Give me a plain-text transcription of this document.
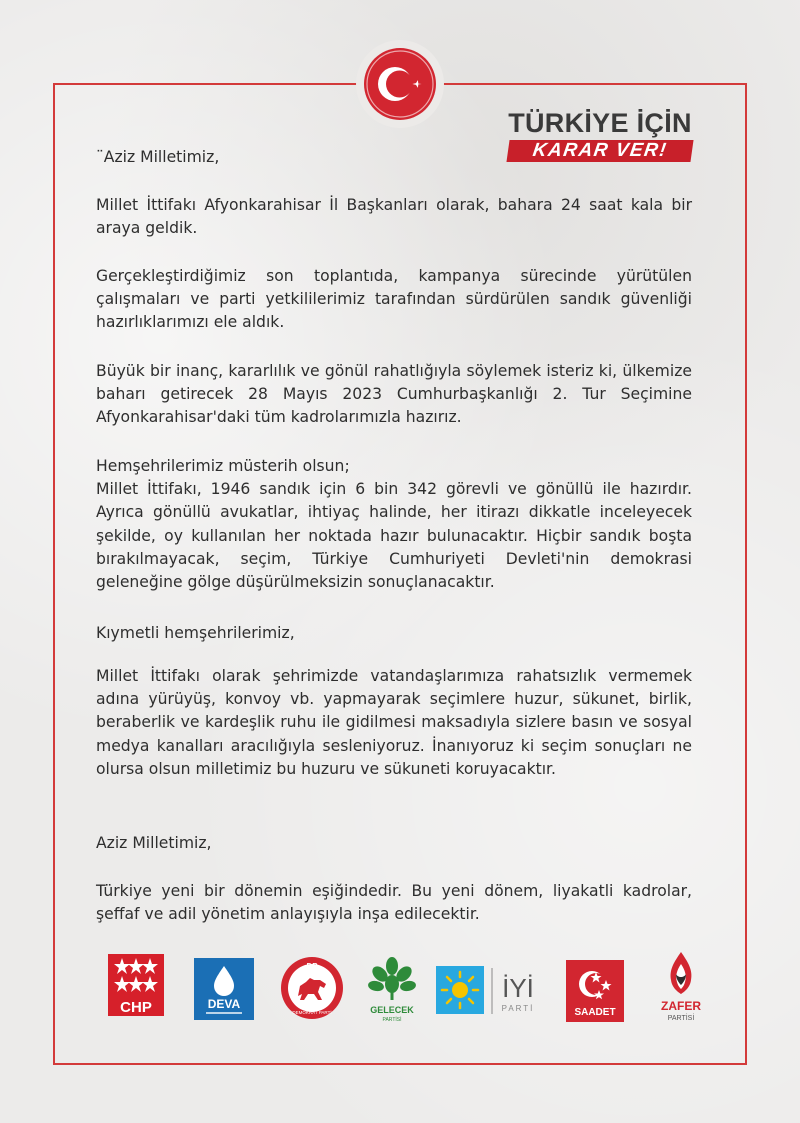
TÜRKİYE İÇİN
KARAR VER!
¨Aziz Milletimiz,
Millet İttifakı Afyonkarahisar İl Başkanları olarak, bahara 24 saat kala bir araya geldik.
Gerçekleştirdiğimiz son toplantıda, kampanya sürecinde yürütülen çalışmaları ve parti yetkililerimiz tarafından sürdürülen sandık güvenliği hazırlıklarımızı ele aldık.
Büyük bir inanç, kararlılık ve gönül rahatlığıyla söylemek isteriz ki, ülkemize baharı getirecek 28 Mayıs 2023 Cumhurbaşkanlığı 2. Tur Seçimine Afyonkarahisar'daki tüm kadrolarımızla hazırız.

Hemşehrilerimiz müsterih olsun;

Millet İttifakı, 1946 sandık için 6 bin 342 görevli ve gönüllü ile hazırdır. Ayrıca gönüllü avukatlar, ihtiyaç halinde, her itirazı dikkatle inceleyecek şekilde, oy kullanılan her noktada hazır bulunacaktır. Hiçbir sandık boşta bırakılmayacak, seçim, Türkiye Cumhuriyeti Devleti'nin demokrasi geleneğine gölge düşürülmeksizin sonuçlanacaktır.

Kıymetli hemşehrilerimiz,
Millet İttifakı olarak şehrimizde vatandaşlarımıza rahatsızlık vermemek adına yürüyüş, konvoy vb. yapmayarak seçimlere huzur, sükunet, birlik, beraberlik ve kardeşlik ruhu ile gidilmesi maksadıyla sizlere basın ve sosyal medya kanalları aracılığıyla sesleniyoruz. İnanıyoruz ki seçim sonuçları ne olursa olsun milletimiz bu huzuru ve sükuneti koruyacaktır.
Aziz Milletimiz,
Türkiye yeni bir dönemin eşiğindedir. Bu yeni dönem, liyakatli kadrolar, şeffaf ve adil yönetim anlayışıyla inşa edilecektir.
CHP	DEVA
DP
DEMOKRAT PARTİ	GELECEK
PARTİSİ
İYİ
PARTİ	SAADET	ZAFER
PARTİSİ
